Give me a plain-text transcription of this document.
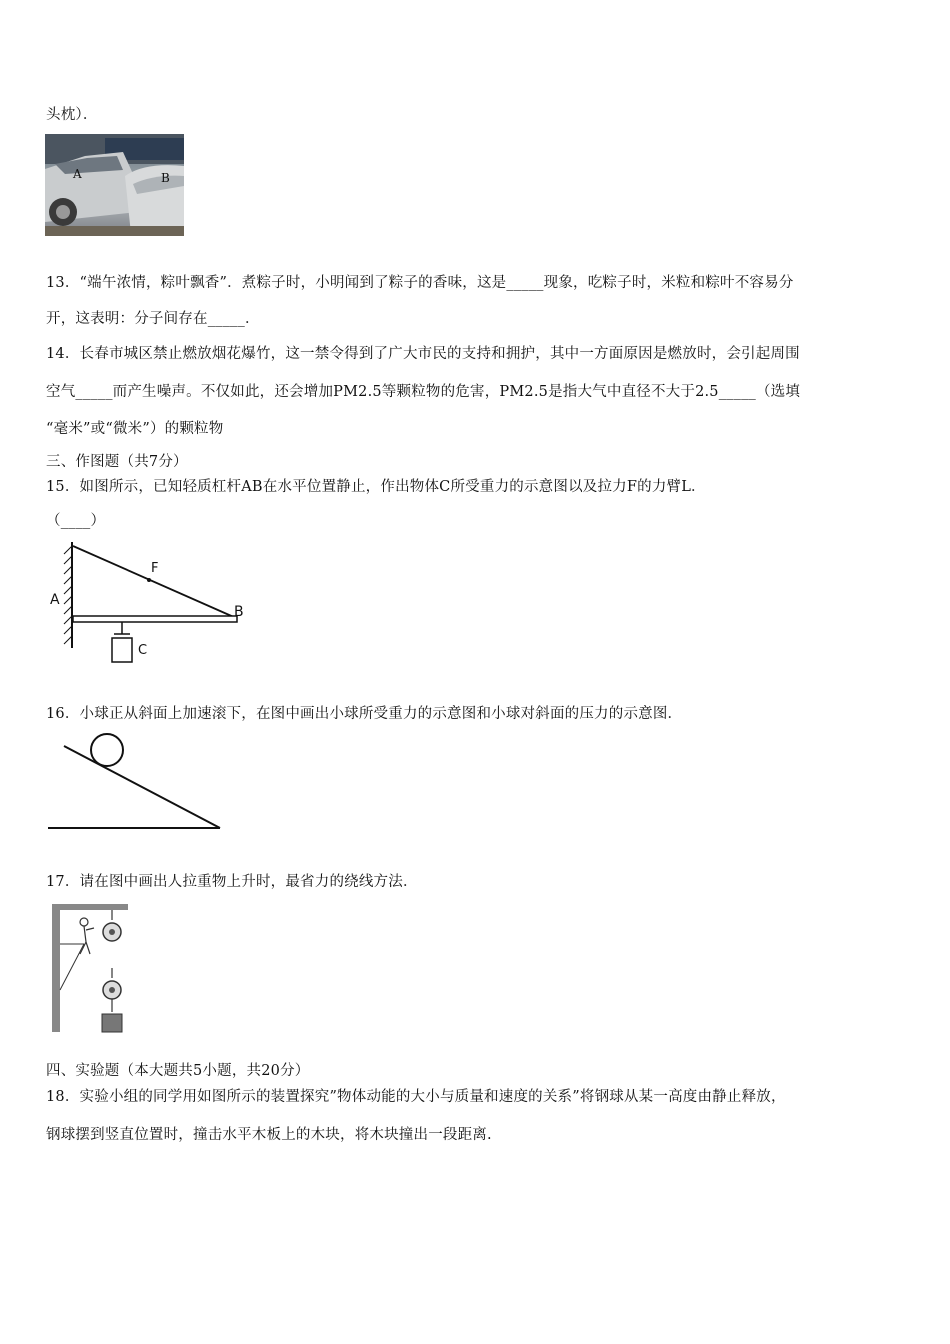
头枕）．
A	B
13．“端午浓情，粽叶飘香”．煮粽子时，小明闻到了粽子的香味，这是_____现象，吃粽子时，米粒和粽叶不容易分
开，这表明：分子间存在_____．
14．长春市城区禁止燃放烟花爆竹，这一禁令得到了广大市民的支持和拥护，其中一方面原因是燃放时，会引起周围
空气_____而产生噪声。不仅如此，还会增加PM2.5等颗粒物的危害，PM2.5是指大气中直径不大于2.5_____（选填
“毫米”或“微米”）的颗粒物
三、作图题（共7分）
15．如图所示，已知轻质杠杆AB在水平位置静止，作出物体C所受重力的示意图以及拉力F的力臂L．
（____）
A
B
F
C
16．小球正从斜面上加速滚下，在图中画出小球所受重力的示意图和小球对斜面的压力的示意图．
17．请在图中画出人拉重物上升时，最省力的绕线方法．
四、实验题（本大题共5小题，共20分）
18．实验小组的同学用如图所示的装置探究”物体动能的大小与质量和速度的关系”将钢球从某一高度由静止释放，
钢球摆到竖直位置时，撞击水平木板上的木块，将木块撞出一段距离.
